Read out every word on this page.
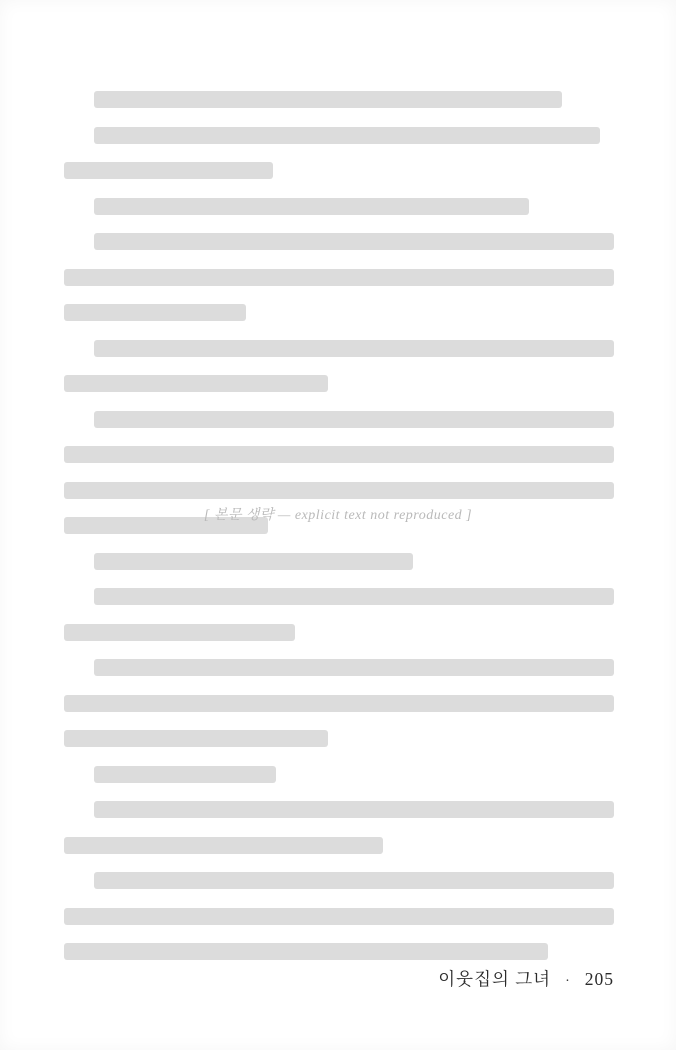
[ 본문 생략 — explicit text not reproduced ]
이웃집의 그녀 · 205
